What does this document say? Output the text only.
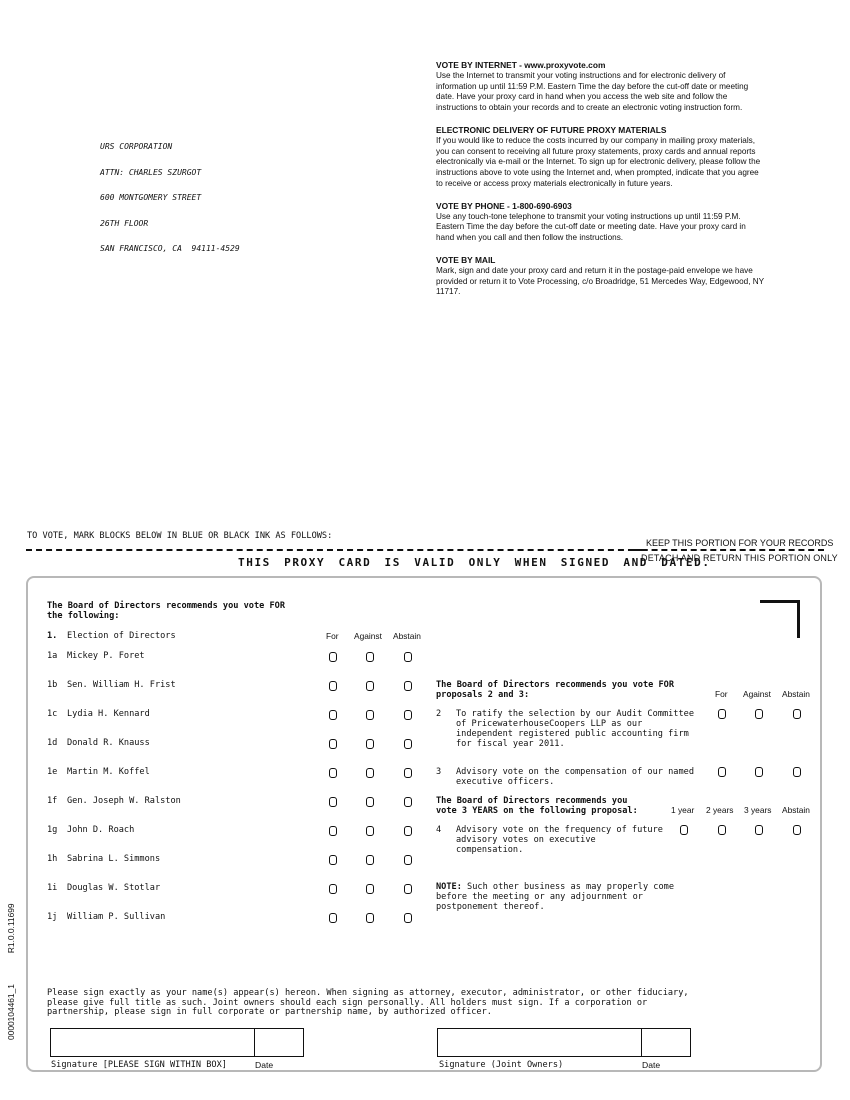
URS CORPORATION

ATTN: CHARLES SZURGOT

600 MONTGOMERY STREET

26TH FLOOR

SAN FRANCISCO, CA  94111-4529

VOTE BY INTERNET - www.proxyvote.com
Use the Internet to transmit your voting instructions and for electronic delivery of information up until 11:59 P.M. Eastern Time the day before the cut-off date or meeting date. Have your proxy card in hand when you access the web site and follow the instructions to obtain your records and to create an electronic voting instruction form.
ELECTRONIC DELIVERY OF FUTURE PROXY MATERIALS
If you would like to reduce the costs incurred by our company in mailing proxy materials, you can consent to receiving all future proxy statements, proxy cards and annual reports electronically via e-mail or the Internet. To sign up for electronic delivery, please follow the instructions above to vote using the Internet and, when prompted, indicate that you agree to receive or access proxy materials electronically in future years.
VOTE BY PHONE - 1-800-690-6903
Use any touch-tone telephone to transmit your voting instructions up until 11:59 P.M. Eastern Time the day before the cut-off date or meeting date. Have your proxy card in hand when you call and then follow the instructions.
VOTE BY MAIL
Mark, sign and date your proxy card and return it in the postage-paid envelope we have provided or return it to Vote Processing, c/o Broadridge, 51 Mercedes Way, Edgewood, NY 11717.
TO VOTE, MARK BLOCKS BELOW IN BLUE OR BLACK INK AS FOLLOWS:
KEEP THIS PORTION FOR YOUR RECORDS
DETACH AND RETURN THIS PORTION ONLY
THIS PROXY CARD IS VALID ONLY WHEN SIGNED AND DATED.
0000104461_1   R1.0.0.11699
The Board of Directors recommends you vote FOR
the following:
1. Election of Directors	For Against Abstain
1a Mickey P. Foret
1b Sen. William H. Frist
1c Lydia H. Kennard
1d Donald R. Knauss
1e Martin M. Koffel
1f Gen. Joseph W. Ralston
1g John D. Roach
1h Sabrina L. Simmons
1i Douglas W. Stotlar
1j William P. Sullivan
The Board of Directors recommends you vote FOR
proposals 2 and 3:	For Against Abstain
2 To ratify the selection by our Audit Committee
of PricewaterhouseCoopers LLP as our
independent registered public accounting firm
for fiscal year 2011.
3 Advisory vote on the compensation of our named
executive officers.
The Board of Directors recommends you
vote 3 YEARS on the following proposal:	1 year 2 years 3 years Abstain
4 Advisory vote on the frequency of future
advisory votes on executive
compensation.
NOTE: Such other business as may properly come
before the meeting or any adjournment or
postponement thereof.
Please sign exactly as your name(s) appear(s) hereon. When signing as attorney, executor, administrator, or other fiduciary,
please give full title as such. Joint owners should each sign personally. All holders must sign. If a corporation or
partnership, please sign in full corporate or partnership name, by authorized officer.
Signature [PLEASE SIGN WITHIN BOX]	Date	Signature (Joint Owners)	Date
